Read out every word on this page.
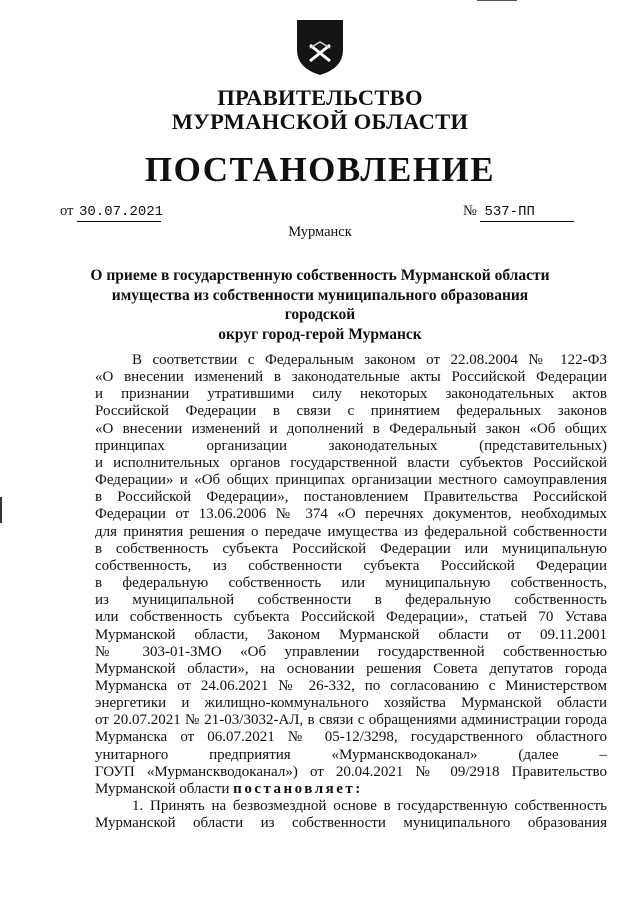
ПРАВИТЕЛЬСТВО
МУРМАНСКОЙ ОБЛАСТИ
ПОСТАНОВЛЕНИЕ
от 30.07.2021	№ 537-ПП
Мурманск
О приеме в государственную собственность Мурманской области
имущества из собственности муниципального образования городской
округ город-герой Мурманск

В соответствии с Федеральным законом от 22.08.2004 № 122-ФЗ

«О внесении изменений в законодательные акты Российской Федерации

и признании утратившими силу некоторых законодательных актов

Российской Федерации в связи с принятием федеральных законов

«О внесении изменений и дополнений в Федеральный закон «Об общих

принципах организации законодательных (представительных)

и исполнительных органов государственной власти субъектов Российской

Федерации» и «Об общих принципах организации местного самоуправления

в Российской Федерации», постановлением Правительства Российской

Федерации от 13.06.2006 № 374 «О перечнях документов, необходимых

для принятия решения о передаче имущества из федеральной собственности

в собственность субъекта Российской Федерации или муниципальную

собственность, из собственности субъекта Российской Федерации

в федеральную собственность или муниципальную собственность,

из муниципальной собственности в федеральную собственность

или собственность субъекта Российской Федерации», статьей 70 Устава

Мурманской области, Законом Мурманской области от 09.11.2001

№ 303-01-ЗМО «Об управлении государственной собственностью

Мурманской области», на основании решения Совета депутатов города

Мурманска от 24.06.2021 № 26-332, по согласованию с Министерством

энергетики и жилищно-коммунального хозяйства Мурманской области

от 20.07.2021 № 21-03/3032-АЛ, в связи с обращениями администрации города

Мурманска от 06.07.2021 № 05-12/3298, государственного областного

унитарного предприятия «Мурманскводоканал» (далее –

ГОУП «Мурманскводоканал») от 20.04.2021 № 09/2918 Правительство

Мурманской области постановляет:

1. Принять на безвозмездной основе в государственную собственность

Мурманской области из собственности муниципального образования
